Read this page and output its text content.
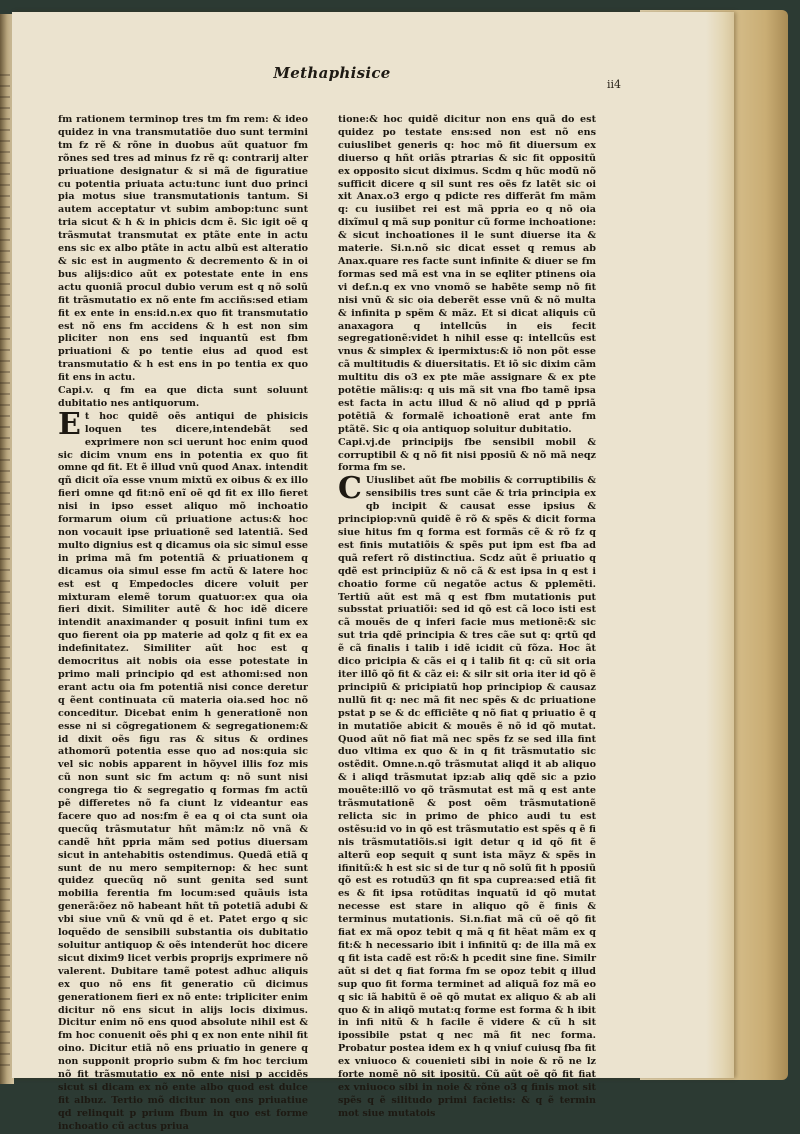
Methaphisice
ii4

fm rationem terminop tres tm fm rem: & ideo quidez in vna transmutatiõe duo sunt termini tm fz rẽ & rõne in duobus aũt quatuor fm rõnes sed tres ad minus fz rẽ q: contrarij alter priuatione designatur & si mã de figuratiue cu potentia priuata actu:tunc iunt duo princi pia motus siue transmutationis tantum. Si autem acceptatur vt subim ambop:tunc sunt tria sicut & h & in phicis dcm ẽ. Sic igit oẽ q trãsmutat transmutat ex ptãte ente in actu ens sic ex albo ptãte in actu albũ est alteratio & sic est in augmento & decremento & in oi bus alijs:dico aũt ex potestate ente in ens actu quoniã procul dubio verum est q nõ solũ fit trãsmutatio ex nõ ente fm acciñs:sed etiam fit ex ente in ens:id.n.ex quo fit transmutatio est nõ ens fm accidens & h est non sim pliciter non ens sed inquantũ est fbm priuationi & po tentie eius ad quod est transmutatio & h est ens in po tentia ex quo fit ens in actu.

Capi.v. q fm ea que dicta sunt soluunt dubitatio nes antiquorum.

Et hoc quidẽ oẽs antiqui de phisicis loquen tes dicere,intendebãt sed exprimere non sci uerunt hoc enim quod sic dicim vnum ens in potentia ex quo fit omne qd fit. Et ẽ illud vnũ quod Anax. intendit qñ dicit oĩa esse vnum mixtũ ex oibus & ex illo fieri omne qd fit:nõ enĩ oẽ qd fit ex illo fieret nisi in ipso esset aliquo mõ inchoatio formarum oium cũ priuatione actus:& hoc non vocauit ipse priuationẽ sed latentiã. Sed multo dignius est q dicamus oia sic simul esse in prima mã fm potentiã & priuationem q dicamus oia simul esse fm actũ & latere hoc est est q Empedocles dicere voluit per mixturam elemẽ torum quatuor:ex qua oia fieri dixit. Similiter autẽ & hoc idẽ dicere intendit anaximander q posuit infini tum ex quo fierent oia pp materie ad qolz q fit ex ea indefinitatez. Similiter aũt hoc est q democritus ait nobis oia esse potestate in primo mali principio qd est athomi:sed non erant actu oia fm potentiã nisi conce deretur q ẽent continuata cũ materia oia.sed hoc nõ conceditur. Dicebat enim h generationẽ non esse ni si cõgregationem & segregationem:& id dixit oẽs figu ras & situs & ordines athomorũ potentia esse quo ad nos:quia sic vel sic nobis apparent in hõyvel illis foz mis cũ non sunt sic fm actum q: nõ sunt nisi congrega tio & segregatio q formas fm actũ pẽ differetes nõ fa ciunt lz videantur eas facere quo ad nos:fm ẽ ea q oi cta sunt oia quecũq trãsmutatur hñt mãm:lz nõ vnã & candẽ hñt ppria mãm sed potius diuersam sicut in antehabitis ostendimus. Quedã etiã q sunt de nu mero sempiternop: & hec sunt quidez quecũq nõ sunt genita sed sunt mobilia ferentia fm locum:sed quãuis ista generã:õez nõ habeant hñt tñ potetiã adubi & vbi siue vnũ & vnũ qd ẽ et. Patet ergo q sic loquẽdo de sensibili substantia ois dubitatio soluitur antiquop & oẽs intenderũt hoc dicere sicut dixim9 licet verbis proprijs exprimere nõ valerent. Dubitare tamẽ potest adhuc aliquis ex quo nõ ens fit generatio cũ dicimus generationem fieri ex nõ ente: tripliciter enim dicitur nõ ens sicut in alijs locis diximus. Dicitur enim nõ ens quod absolute nihil est & fm hoc conuenit oẽs phi q ex non ente nihil fit oino. Dicitur etiã nõ ens priuatio in genere q non supponit proprio subm & fm hoc tercium nõ fit trãsmutatio ex nõ ente nisi p accidẽs sicut si dicam ex nõ ente albo quod est dulce fit albuz. Tertio mõ dicitur non ens priuatiue qd relinquit p prium fbum in quo est forme inchoatio cũ actus priua

tione:& hoc quidẽ dicitur non ens quã do est quidez po testate ens:sed non est nõ ens cuiuslibet generis q: hoc mõ fit diuersum ex diuerso q hñt oriãs ptrarias & sic fit oppositũ ex opposito sicut diximus. Scdm q hũc modũ nõ sufficit dicere q sil sunt res oẽs fz latẽt sic oi xit Anax.o3 ergo q pdicte res differãt fm mãm q: cu iusiibet rei est mã ppria eo q nõ oia dixĩmul q mã sup ponitur cũ forme inchoatione: & sicut inchoationes il le sunt diuerse ita & materie. Si.n.nõ sic dicat esset q remus ab Anax.quare res facte sunt infinite & diuer se fm formas sed mã est vna in se eqliter ptinens oia vi def.n.q ex vno vnomõ se habẽte semp nõ fit nisi vnũ & sic oia deberẽt esse vnũ & nõ multa & infinita p spẽm & mãz. Et si dicat aliquis cũ anaxagora q intellcũs in eis fecit segregationẽ:videt h nihil esse q: intellcũs est vnus & simplex & ipermixtus:& iõ non põt esse cã multitudis & diuersitatis. Et iõ sic dixim cãm multitu dis o3 ex pte mãe assignare & ex pte potẽtie mãlis:q: q uis mã sit vna fbo tamẽ ipsa est facta in actu illud & nõ aliud qd p ppriã potẽtiã & formalẽ ichoationẽ erat ante fm ptãtẽ. Sic q oia antiquop soluitur dubitatio.

Capi.vj.de principijs fbe sensibil mobil & corruptibil & q nõ fit nisi pposiũ & nõ mã neqz forma fm se.

C Uiuslibet aũt fbe mobilis & corruptibilis & sensibilis tres sunt cãe & tria principia ex qb incipit & causat esse ipsius & principiop:vnũ quidẽ ẽ rõ & spẽs & dicit forma siue hitus fm q forma est formãs cẽ & rõ fz q est finis mutatiõis & spẽs put ipm est fba ad quã refert rõ distinctiua. Scdz aũt ẽ priuatio q qdẽ est principiũz & nõ cã & est ipsa in q est i choatio forme cũ negatõe actus & pplemẽti. Tertiũ aũt est mã q est fbm mutationis put subsstat priuatiõi: sed id qõ est cã loco isti est cã mouẽs de q inferi facie mus metionẽ:& sic sut tria qdẽ principia & tres cãe sut q: qrtũ qd ẽ cã finalis i talib i idẽ icidit cũ fõza. Hoc ãt dico pricipia & cãs ei q i talib fit q: cũ sit oria iter illõ qõ fit & cãz ei: & silr sit oria iter id qõ ẽ principiũ & pricipiatũ hop principiop & causaz nullũ fit q: nec mã fit nec spẽs & dc priuatione pstat p se & dc efficiẽte q nõ fiat q priuatio ẽ q in mutatiõe abicit & mouẽs ẽ nõ id qõ mutat. Quod aũt nõ fiat mã nec spẽs fz se sed illa fint duo vltima ex quo & in q fit trãsmutatio sic ostẽdit. Omne.n.qõ trãsmutat aliqd it ab aliquo & i aliqd trãsmutat ipz:ab aliq qdẽ sic a pzio mouẽte:illõ vo qõ trãsmutat est mã q est ante trãsmutationẽ & post oẽm trãsmutationẽ relicta sic in primo de phico audi tu est ostẽsu:id vo in qõ est trãsmutatio est spẽs q ẽ fi nis trãsmutatiõis.si igit detur q id qõ fit ẽ alterũ eop sequit q sunt ista mãyz & spẽs in ifinitũ:& h est sic si de tur q nõ solũ fit h pposiũ qõ est es rotudũ3 qn fit spa cuprea:sed etiã fit es & fit ipsa rotũditas inquatũ id qõ mutat necesse est stare in aliquo qõ ẽ finis & terminus mutationis. Si.n.fiat mã cũ oẽ qõ fit fiat ex mã opoz tebit q mã q fit hẽat mãm ex q fit:& h necessario ibit i infinitũ q: de illa mã ex q fit ista cadẽ est rõ:& h pcedit sine fine. Similr aũt si det q fiat forma fm se opoz tebit q illud sup quo fit forma terminet ad aliquã foz mã eo q sic iã habitũ ẽ oẽ qõ mutat ex aliquo & ab ali quo & in aliqõ mutat:q forme est forma & h ibit in infi nitũ & h facile ẽ videre & cũ h sit ipossibile pstat q nec mã fit nec forma. Probatur postea idem ex h q vniuf cuiusq fba fit ex vniuoco & couenieti sibi in noie & rõ ne lz forte nomẽ nõ sit ipositũ. Cũ aũt oẽ qõ fit fiat ex vniuoco sibi in noie & rõne o3 q finis mot sit spẽs q ẽ silitudo primi facietis: & q ẽ termin mot siue mutatois
